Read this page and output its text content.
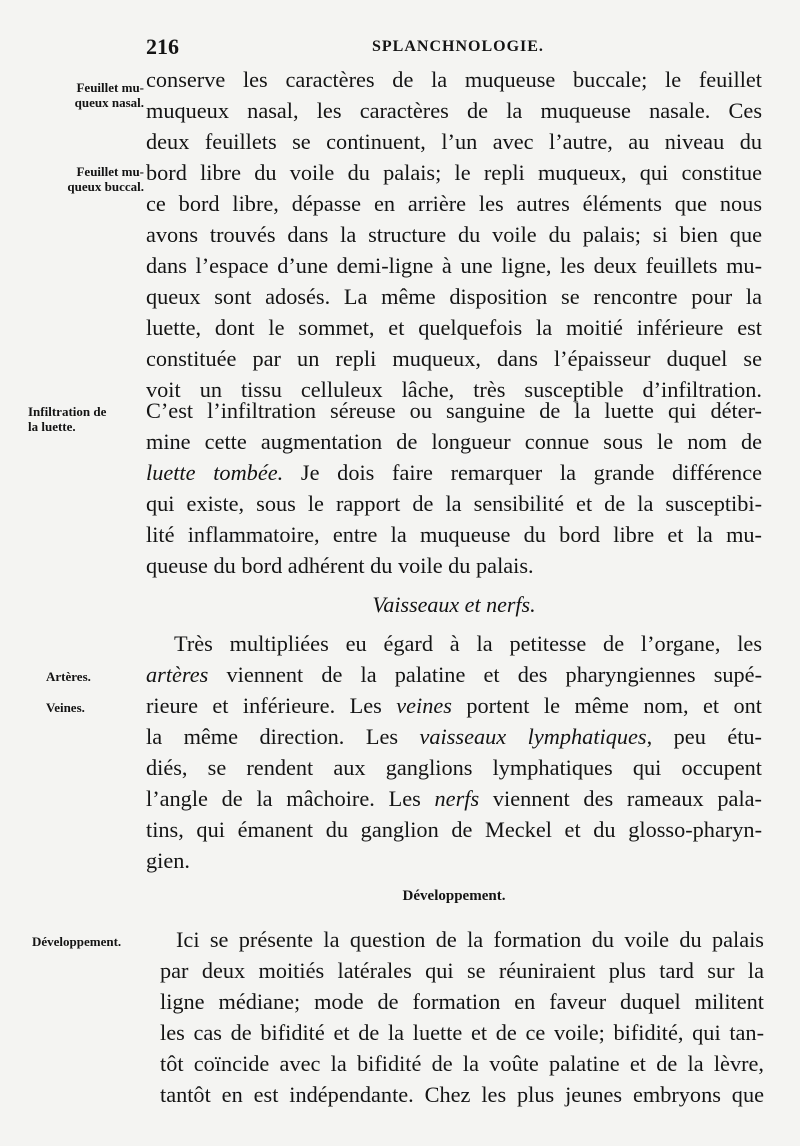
216	SPLANCHNOLOGIE.
Feuillet mu-
queux nasal.
Feuillet mu-
queux buccal.
Infiltration de
la luette.
Artères.
Veines.
Développement.
conserve les caractères de la muqueuse buccale; le feuillet
muqueux nasal, les caractères de la muqueuse nasale. Ces
deux feuillets se continuent, l’un avec l’autre, au niveau du
bord libre du voile du palais; le repli muqueux, qui constitue
ce bord libre, dépasse en arrière les autres éléments que nous
avons trouvés dans la structure du voile du palais; si bien que
dans l’espace d’une demi-ligne à une ligne, les deux feuillets mu-
queux sont adosés. La même disposition se rencontre pour la
luette, dont le sommet, et quelquefois la moitié inférieure est
constituée par un repli muqueux, dans l’épaisseur duquel se
voit un tissu celluleux lâche, très susceptible d’infiltration.
C’est l’infiltration séreuse ou sanguine de la luette qui déter-
mine cette augmentation de longueur connue sous le nom de
luette tombée. Je dois faire remarquer la grande différence
qui existe, sous le rapport de la sensibilité et de la susceptibi-
lité inflammatoire, entre la muqueuse du bord libre et la mu-
queuse du bord adhérent du voile du palais.
Vaisseaux et nerfs.
Très multipliées eu égard à la petitesse de l’organe, les
artères viennent de la palatine et des pharyngiennes supé-
rieure et inférieure. Les veines portent le même nom, et ont
la même direction. Les vaisseaux lymphatiques, peu étu-
diés, se rendent aux ganglions lymphatiques qui occupent
l’angle de la mâchoire. Les nerfs viennent des rameaux pala-
tins, qui émanent du ganglion de Meckel et du glosso-pharyn-
gien.
Développement.
Ici se présente la question de la formation du voile du palais
par deux moitiés latérales qui se réuniraient plus tard sur la
ligne médiane; mode de formation en faveur duquel militent
les cas de bifidité et de la luette et de ce voile; bifidité, qui tan-
tôt coïncide avec la bifidité de la voûte palatine et de la lèvre,
tantôt en est indépendante. Chez les plus jeunes embryons que
